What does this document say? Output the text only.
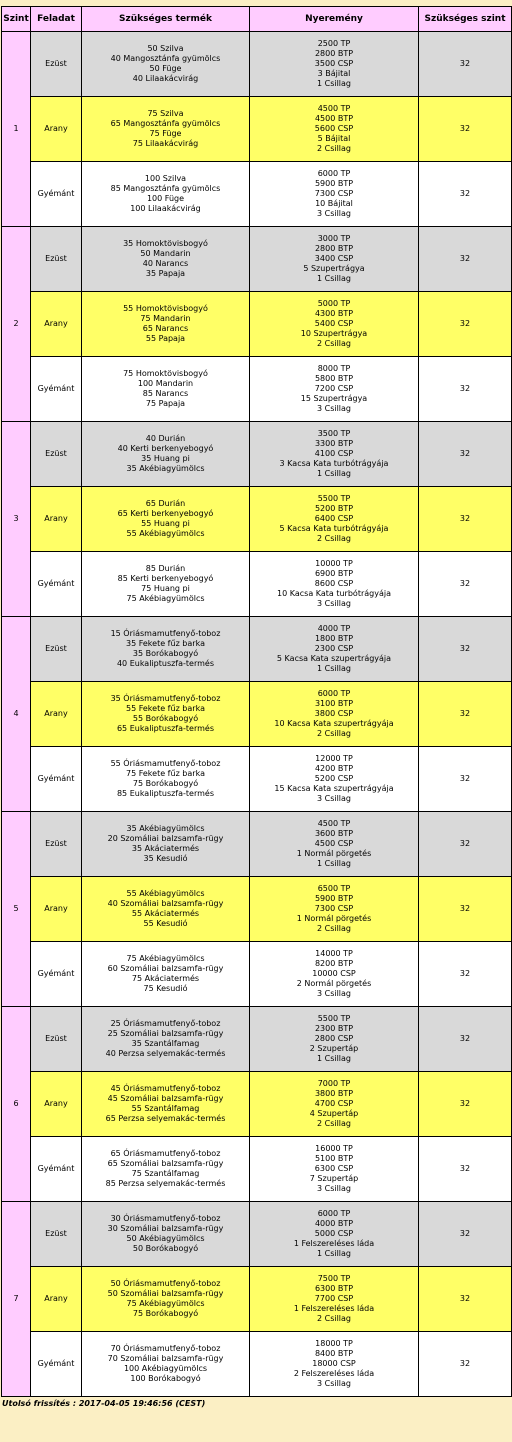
Szint	Feladat	Szükséges termék	Nyeremény	Szükséges szint
1	Ezüst	50 Szilva
40 Mangosztánfa gyümölcs
50 Füge
40 Lilaakácvirág	2500 TP
2800 BTP
3500 CSP
3 Bájital
1 Csillag	32
	Arany	75 Szilva
65 Mangosztánfa gyümölcs
75 Füge
75 Lilaakácvirág	4500 TP
4500 BTP
5600 CSP
5 Bájital
2 Csillag	32
	Gyémánt	100 Szilva
85 Mangosztánfa gyümölcs
100 Füge
100 Lilaakácvirág	6000 TP
5900 BTP
7300 CSP
10 Bájital
3 Csillag	32
2	Ezüst	35 Homoktövisbogyó
50 Mandarin
40 Narancs
35 Papaja	3000 TP
2800 BTP
3400 CSP
5 Szupertrágya
1 Csillag	32
	Arany	55 Homoktövisbogyó
75 Mandarin
65 Narancs
55 Papaja	5000 TP
4300 BTP
5400 CSP
10 Szupertrágya
2 Csillag	32
	Gyémánt	75 Homoktövisbogyó
100 Mandarin
85 Narancs
75 Papaja	8000 TP
5800 BTP
7200 CSP
15 Szupertrágya
3 Csillag	32
3	Ezüst	40 Durián
40 Kerti berkenyebogyó
35 Huang pi
35 Akébiagyümölcs	3500 TP
3300 BTP
4100 CSP
3 Kacsa Kata turbótrágyája
1 Csillag	32
	Arany	65 Durián
65 Kerti berkenyebogyó
55 Huang pi
55 Akébiagyümölcs	5500 TP
5200 BTP
6400 CSP
5 Kacsa Kata turbótrágyája
2 Csillag	32
	Gyémánt	85 Durián
85 Kerti berkenyebogyó
75 Huang pi
75 Akébiagyümölcs	10000 TP
6900 BTP
8600 CSP
10 Kacsa Kata turbótrágyája
3 Csillag	32
4	Ezüst	15 Óriásmamutfenyő-toboz
35 Fekete fűz barka
35 Borókabogyó
40 Eukaliptuszfa-termés	4000 TP
1800 BTP
2300 CSP
5 Kacsa Kata szupertrágyája
1 Csillag	32
	Arany	35 Óriásmamutfenyő-toboz
55 Fekete fűz barka
55 Borókabogyó
65 Eukaliptuszfa-termés	6000 TP
3100 BTP
3800 CSP
10 Kacsa Kata szupertrágyája
2 Csillag	32
	Gyémánt	55 Óriásmamutfenyő-toboz
75 Fekete fűz barka
75 Borókabogyó
85 Eukaliptuszfa-termés	12000 TP
4200 BTP
5200 CSP
15 Kacsa Kata szupertrágyája
3 Csillag	32
5	Ezüst	35 Akébiagyümölcs
20 Szomáliai balzsamfa-rügy
35 Akáciatermés
35 Kesudió	4500 TP
3600 BTP
4500 CSP
1 Normál pörgetés
1 Csillag	32
	Arany	55 Akébiagyümölcs
40 Szomáliai balzsamfa-rügy
55 Akáciatermés
55 Kesudió	6500 TP
5900 BTP
7300 CSP
1 Normál pörgetés
2 Csillag	32
	Gyémánt	75 Akébiagyümölcs
60 Szomáliai balzsamfa-rügy
75 Akáciatermés
75 Kesudió	14000 TP
8200 BTP
10000 CSP
2 Normál pörgetés
3 Csillag	32
6	Ezüst	25 Óriásmamutfenyő-toboz
25 Szomáliai balzsamfa-rügy
35 Szantálfamag
40 Perzsa selyemakác-termés	5500 TP
2300 BTP
2800 CSP
2 Szupertáp
1 Csillag	32
	Arany	45 Óriásmamutfenyő-toboz
45 Szomáliai balzsamfa-rügy
55 Szantálfamag
65 Perzsa selyemakác-termés	7000 TP
3800 BTP
4700 CSP
4 Szupertáp
2 Csillag	32
	Gyémánt	65 Óriásmamutfenyő-toboz
65 Szomáliai balzsamfa-rügy
75 Szantálfamag
85 Perzsa selyemakác-termés	16000 TP
5100 BTP
6300 CSP
7 Szupertáp
3 Csillag	32
7	Ezüst	30 Óriásmamutfenyő-toboz
30 Szomáliai balzsamfa-rügy
50 Akébiagyümölcs
50 Borókabogyó	6000 TP
4000 BTP
5000 CSP
1 Felszereléses láda
1 Csillag	32
	Arany	50 Óriásmamutfenyő-toboz
50 Szomáliai balzsamfa-rügy
75 Akébiagyümölcs
75 Borókabogyó	7500 TP
6300 BTP
7700 CSP
1 Felszereléses láda
2 Csillag	32
	Gyémánt	70 Óriásmamutfenyő-toboz
70 Szomáliai balzsamfa-rügy
100 Akébiagyümölcs
100 Borókabogyó	18000 TP
8400 BTP
18000 CSP
2 Felszereléses láda
3 Csillag	32
Utolsó frissítés : 2017-04-05 19:46:56 (CEST)
